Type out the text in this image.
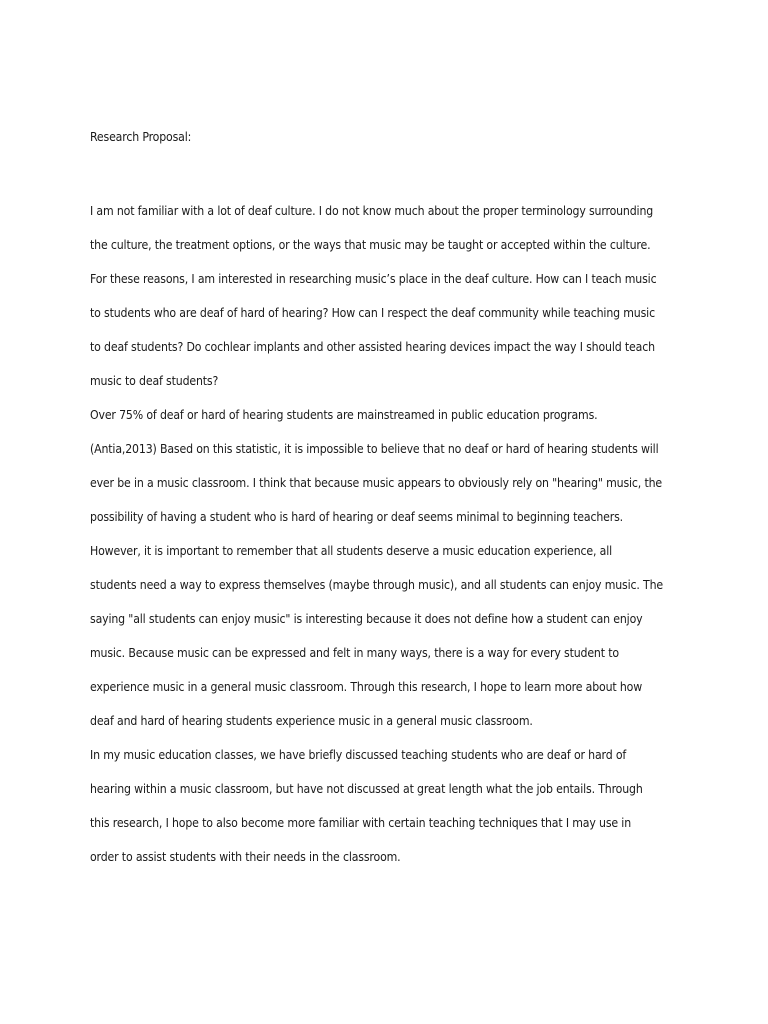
Research Proposal:
I am not familiar with a lot of deaf culture. I do not know much about the proper terminology surrounding
the culture, the treatment options, or the ways that music may be taught or accepted within the culture.
For these reasons, I am interested in researching music’s place in the deaf culture. How can I teach music
to students who are deaf of hard of hearing? How can I respect the deaf community while teaching music
to deaf students? Do cochlear implants and other assisted hearing devices impact the way I should teach
music to deaf students?
Over 75% of deaf or hard of hearing students are mainstreamed in public education programs.
(Antia,2013) Based on this statistic, it is impossible to believe that no deaf or hard of hearing students will
ever be in a music classroom. I think that because music appears to obviously rely on "hearing" music, the
possibility of having a student who is hard of hearing or deaf seems minimal to beginning teachers.
However, it is important to remember that all students deserve a music education experience, all
students need a way to express themselves (maybe through music), and all students can enjoy music. The
saying "all students can enjoy music" is interesting because it does not define how a student can enjoy
music. Because music can be expressed and felt in many ways, there is a way for every student to
experience music in a general music classroom. Through this research, I hope to learn more about how
deaf and hard of hearing students experience music in a general music classroom.
In my music education classes, we have briefly discussed teaching students who are deaf or hard of
hearing within a music classroom, but have not discussed at great length what the job entails. Through
this research, I hope to also become more familiar with certain teaching techniques that I may use in
order to assist students with their needs in the classroom.
